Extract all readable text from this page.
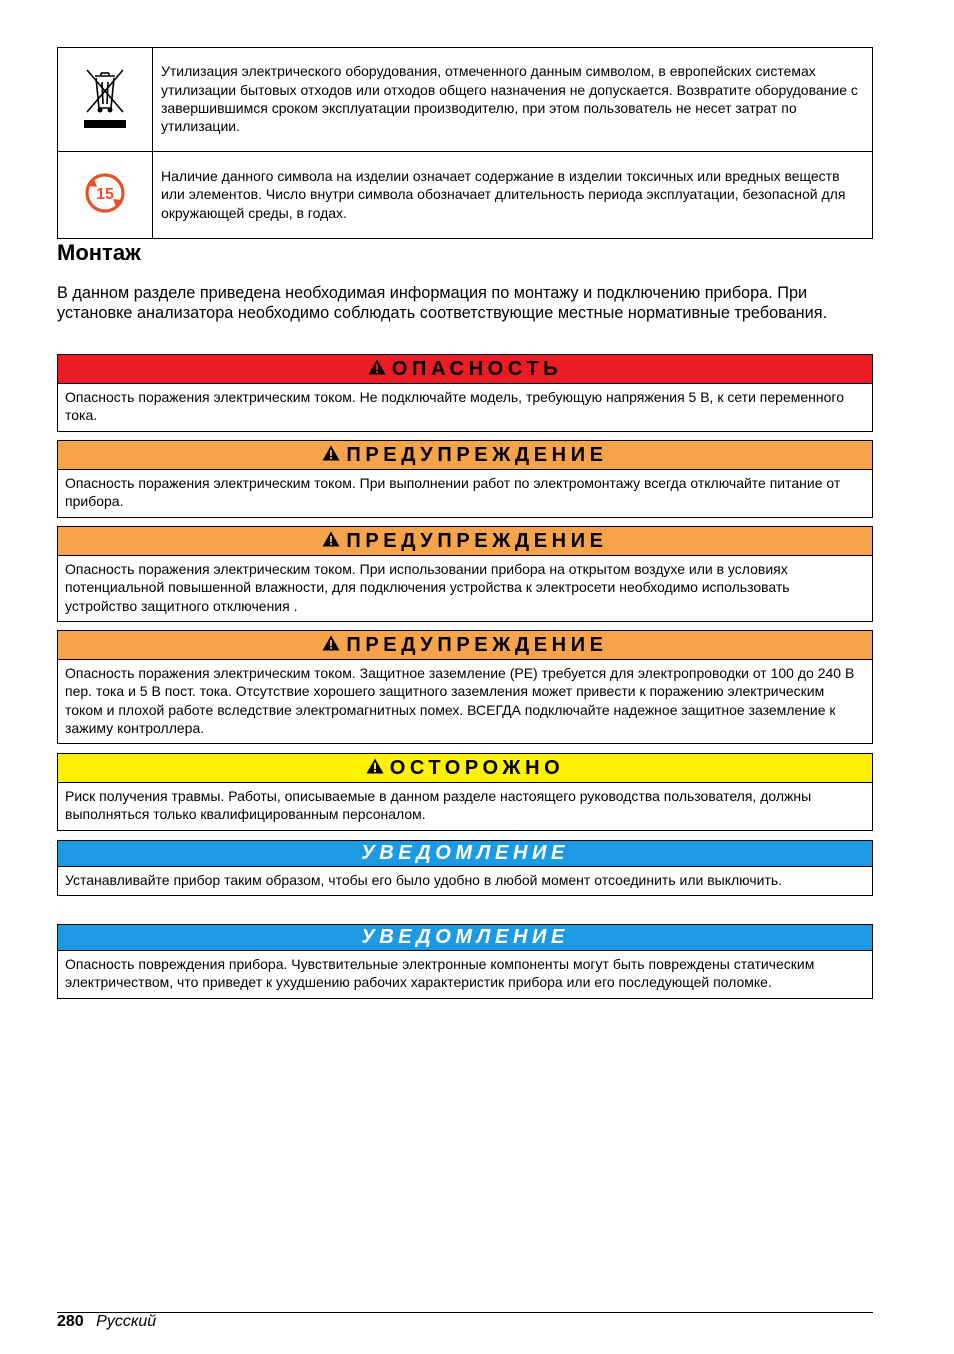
	Утилизация электрического оборудования, отмеченного данным символом, в европейских системах утилизации бытовых отходов или отходов общего назначения не допускается. Возвратите оборудование с завершившимся сроком эксплуатации производителю, при этом пользователь не несет затрат по утилизации.

15	Наличие данного символа на изделии означает содержание в изделии токсичных или вредных веществ или элементов. Число внутри символа обозначает длительность периода эксплуатации, безопасной для окружающей среды, в годах.
Монтаж

В данном разделе приведена необходимая информация по монтажу и подключению прибора. При установке анализатора необходимо соблюдать соответствующие местные нормативные требования.

ОПАСНОСТЬ
Опасность поражения электрическим током. Не подключайте модель, требующую напряжения 5 В, к сети переменного тока.
ПРЕДУПРЕЖДЕНИЕ
Опасность поражения электрическим током. При выполнении работ по электромонтажу всегда отключайте питание от прибора.
ПРЕДУПРЕЖДЕНИЕ
Опасность поражения электрическим током. При использовании прибора на открытом воздухе или в условиях потенциальной повышенной влажности, для подключения устройства к электросети необходимо использовать устройство защитного отключения .
ПРЕДУПРЕЖДЕНИЕ
Опасность поражения электрическим током. Защитное заземление (PE) требуется для электропроводки от 100 до 240 В пер. тока и 5 В пост. тока. Отсутствие хорошего защитного заземления может привести к поражению электрическим током и плохой работе вследствие электромагнитных помех. ВСЕГДА подключайте надежное защитное заземление к зажиму контроллера.
ОСТОРОЖНО
Риск получения травмы. Работы, описываемые в данном разделе настоящего руководства пользователя, должны выполняться только квалифицированным персоналом.
УВЕДОМЛЕНИЕ
Устанавливайте прибор таким образом, чтобы его было удобно в любой момент отсоединить или выключить.
УВЕДОМЛЕНИЕ
Опасность повреждения прибора. Чувствительные электронные компоненты могут быть повреждены статическим электричеством, что приведет к ухудшению рабочих характеристик прибора или его последующей поломке.
280 Русский
